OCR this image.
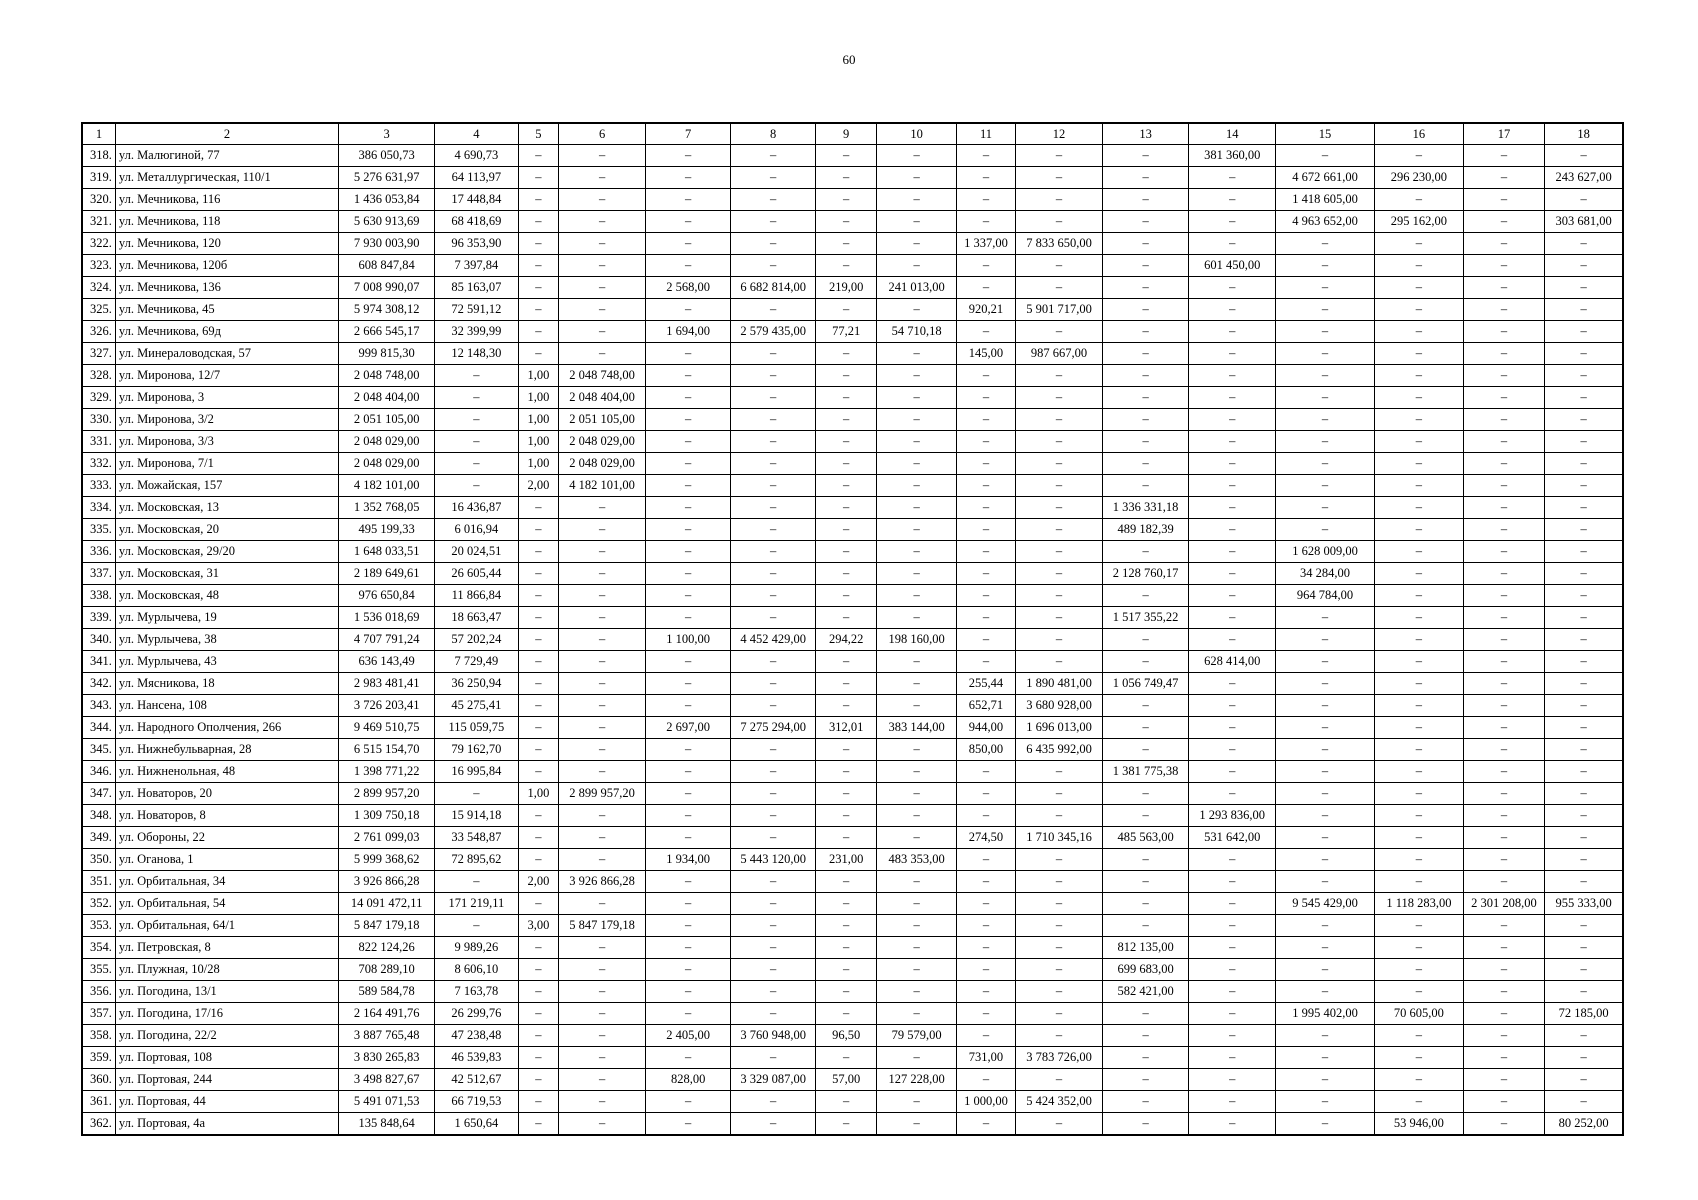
60
1	2	3	4	5	6	7	8	9	10	11	12	13	14	15	16	17	18
318.	ул. Малюгиной, 77	386 050,73	4 690,73	–	–	–	–	–	–	–	–	–	381 360,00	–	–	–	–
319.	ул. Металлургическая, 110/1	5 276 631,97	64 113,97	–	–	–	–	–	–	–	–	–	–	4 672 661,00	296 230,00	–	243 627,00
320.	ул. Мечникова, 116	1 436 053,84	17 448,84	–	–	–	–	–	–	–	–	–	–	1 418 605,00	–	–	–
321.	ул. Мечникова, 118	5 630 913,69	68 418,69	–	–	–	–	–	–	–	–	–	–	4 963 652,00	295 162,00	–	303 681,00
322.	ул. Мечникова, 120	7 930 003,90	96 353,90	–	–	–	–	–	–	1 337,00	7 833 650,00	–	–	–	–	–	–
323.	ул. Мечникова, 120б	608 847,84	7 397,84	–	–	–	–	–	–	–	–	–	601 450,00	–	–	–	–
324.	ул. Мечникова, 136	7 008 990,07	85 163,07	–	–	2 568,00	6 682 814,00	219,00	241 013,00	–	–	–	–	–	–	–	–
325.	ул. Мечникова, 45	5 974 308,12	72 591,12	–	–	–	–	–	–	920,21	5 901 717,00	–	–	–	–	–	–
326.	ул. Мечникова, 69д	2 666 545,17	32 399,99	–	–	1 694,00	2 579 435,00	77,21	54 710,18	–	–	–	–	–	–	–	–
327.	ул. Минераловодская, 57	999 815,30	12 148,30	–	–	–	–	–	–	145,00	987 667,00	–	–	–	–	–	–
328.	ул. Миронова, 12/7	2 048 748,00	–	1,00	2 048 748,00	–	–	–	–	–	–	–	–	–	–	–	–
329.	ул. Миронова, 3	2 048 404,00	–	1,00	2 048 404,00	–	–	–	–	–	–	–	–	–	–	–	–
330.	ул. Миронова, 3/2	2 051 105,00	–	1,00	2 051 105,00	–	–	–	–	–	–	–	–	–	–	–	–
331.	ул. Миронова, 3/3	2 048 029,00	–	1,00	2 048 029,00	–	–	–	–	–	–	–	–	–	–	–	–
332.	ул. Миронова, 7/1	2 048 029,00	–	1,00	2 048 029,00	–	–	–	–	–	–	–	–	–	–	–	–
333.	ул. Можайская, 157	4 182 101,00	–	2,00	4 182 101,00	–	–	–	–	–	–	–	–	–	–	–	–
334.	ул. Московская, 13	1 352 768,05	16 436,87	–	–	–	–	–	–	–	–	1 336 331,18	–	–	–	–	–
335.	ул. Московская, 20	495 199,33	6 016,94	–	–	–	–	–	–	–	–	489 182,39	–	–	–	–	–
336.	ул. Московская, 29/20	1 648 033,51	20 024,51	–	–	–	–	–	–	–	–	–	–	1 628 009,00	–	–	–
337.	ул. Московская, 31	2 189 649,61	26 605,44	–	–	–	–	–	–	–	–	2 128 760,17	–	34 284,00	–	–	–
338.	ул. Московская, 48	976 650,84	11 866,84	–	–	–	–	–	–	–	–	–	–	964 784,00	–	–	–
339.	ул. Мурлычева, 19	1 536 018,69	18 663,47	–	–	–	–	–	–	–	–	1 517 355,22	–	–	–	–	–
340.	ул. Мурлычева, 38	4 707 791,24	57 202,24	–	–	1 100,00	4 452 429,00	294,22	198 160,00	–	–	–	–	–	–	–	–
341.	ул. Мурлычева, 43	636 143,49	7 729,49	–	–	–	–	–	–	–	–	–	628 414,00	–	–	–	–
342.	ул. Мясникова, 18	2 983 481,41	36 250,94	–	–	–	–	–	–	255,44	1 890 481,00	1 056 749,47	–	–	–	–	–
343.	ул. Нансена, 108	3 726 203,41	45 275,41	–	–	–	–	–	–	652,71	3 680 928,00	–	–	–	–	–	–
344.	ул. Народного Ополчения, 266	9 469 510,75	115 059,75	–	–	2 697,00	7 275 294,00	312,01	383 144,00	944,00	1 696 013,00	–	–	–	–	–	–
345.	ул. Нижнебульварная, 28	6 515 154,70	79 162,70	–	–	–	–	–	–	850,00	6 435 992,00	–	–	–	–	–	–
346.	ул. Нижненольная, 48	1 398 771,22	16 995,84	–	–	–	–	–	–	–	–	1 381 775,38	–	–	–	–	–
347.	ул. Новаторов, 20	2 899 957,20	–	1,00	2 899 957,20	–	–	–	–	–	–	–	–	–	–	–	–
348.	ул. Новаторов, 8	1 309 750,18	15 914,18	–	–	–	–	–	–	–	–	–	1 293 836,00	–	–	–	–
349.	ул. Обороны, 22	2 761 099,03	33 548,87	–	–	–	–	–	–	274,50	1 710 345,16	485 563,00	531 642,00	–	–	–	–
350.	ул. Оганова, 1	5 999 368,62	72 895,62	–	–	1 934,00	5 443 120,00	231,00	483 353,00	–	–	–	–	–	–	–	–
351.	ул. Орбитальная, 34	3 926 866,28	–	2,00	3 926 866,28	–	–	–	–	–	–	–	–	–	–	–	–
352.	ул. Орбитальная, 54	14 091 472,11	171 219,11	–	–	–	–	–	–	–	–	–	–	9 545 429,00	1 118 283,00	2 301 208,00	955 333,00
353.	ул. Орбитальная, 64/1	5 847 179,18	–	3,00	5 847 179,18	–	–	–	–	–	–	–	–	–	–	–	–
354.	ул. Петровская, 8	822 124,26	9 989,26	–	–	–	–	–	–	–	–	812 135,00	–	–	–	–	–
355.	ул. Плужная, 10/28	708 289,10	8 606,10	–	–	–	–	–	–	–	–	699 683,00	–	–	–	–	–
356.	ул. Погодина, 13/1	589 584,78	7 163,78	–	–	–	–	–	–	–	–	582 421,00	–	–	–	–	–
357.	ул. Погодина, 17/16	2 164 491,76	26 299,76	–	–	–	–	–	–	–	–	–	–	1 995 402,00	70 605,00	–	72 185,00
358.	ул. Погодина, 22/2	3 887 765,48	47 238,48	–	–	2 405,00	3 760 948,00	96,50	79 579,00	–	–	–	–	–	–	–	–
359.	ул. Портовая, 108	3 830 265,83	46 539,83	–	–	–	–	–	–	731,00	3 783 726,00	–	–	–	–	–	–
360.	ул. Портовая, 244	3 498 827,67	42 512,67	–	–	828,00	3 329 087,00	57,00	127 228,00	–	–	–	–	–	–	–	–
361.	ул. Портовая, 44	5 491 071,53	66 719,53	–	–	–	–	–	–	1 000,00	5 424 352,00	–	–	–	–	–	–
362.	ул. Портовая, 4а	135 848,64	1 650,64	–	–	–	–	–	–	–	–	–	–	–	53 946,00	–	80 252,00
